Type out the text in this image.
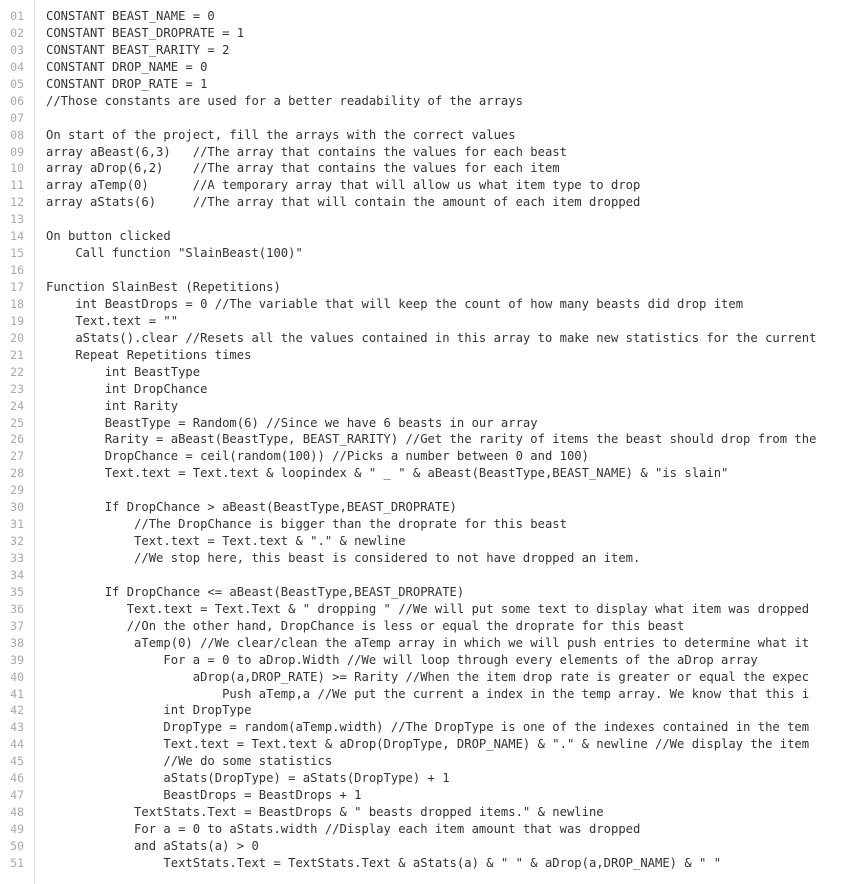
01 CONSTANT BEAST_NAME = 0
02 CONSTANT BEAST_DROPRATE = 1
03 CONSTANT BEAST_RARITY = 2
04 CONSTANT DROP_NAME = 0
05 CONSTANT DROP_RATE = 1
06 //Those constants are used for a better readability of the arrays
07
08 On start of the project, fill the arrays with the correct values
09 array aBeast(6,3)   //The array that contains the values for each beast
10 array aDrop(6,2)    //The array that contains the values for each item
11 array aTemp(0)      //A temporary array that will allow us what item type to drop
12 array aStats(6)     //The array that will contain the amount of each item dropped
13
14 On button clicked
15 Call function "SlainBeast(100)"
16
17 Function SlainBest (Repetitions)
18 int BeastDrops = 0 //The variable that will keep the count of how many beasts did drop item
19 Text.text = ""
20 aStats().clear //Resets all the values contained in this array to make new statistics for the current
21 Repeat Repetitions times
22 int BeastType
23 int DropChance
24 int Rarity
25 BeastType = Random(6) //Since we have 6 beasts in our array
26 Rarity = aBeast(BeastType, BEAST_RARITY) //Get the rarity of items the beast should drop from the
27 DropChance = ceil(random(100)) //Picks a number between 0 and 100)
28 Text.text = Text.text & loopindex & " _ " & aBeast(BeastType,BEAST_NAME) & "is slain"
29
30 If DropChance > aBeast(BeastType,BEAST_DROPRATE)
31 //The DropChance is bigger than the droprate for this beast
32 Text.text = Text.text & "." & newline
33 //We stop here, this beast is considered to not have dropped an item.
34
35 If DropChance <= aBeast(BeastType,BEAST_DROPRATE)
36 Text.text = Text.Text & " dropping " //We will put some text to display what item was dropped
37 //On the other hand, DropChance is less or equal the droprate for this beast
38 aTemp(0) //We clear/clean the aTemp array in which we will push entries to determine what it
39 For a = 0 to aDrop.Width //We will loop through every elements of the aDrop array
40 aDrop(a,DROP_RATE) >= Rarity //When the item drop rate is greater or equal the expec
41 Push aTemp,a //We put the current a index in the temp array. We know that this i
42 int DropType
43 DropType = random(aTemp.width) //The DropType is one of the indexes contained in the tem
44 Text.text = Text.text & aDrop(DropType, DROP_NAME) & "." & newline //We display the item
45 //We do some statistics
46 aStats(DropType) = aStats(DropType) + 1
47 BeastDrops = BeastDrops + 1
48 TextStats.Text = BeastDrops & " beasts dropped items." & newline
49 For a = 0 to aStats.width //Display each item amount that was dropped
50 and aStats(a) > 0
51 TextStats.Text = TextStats.Text & aStats(a) & " " & aDrop(a,DROP_NAME) & " "
